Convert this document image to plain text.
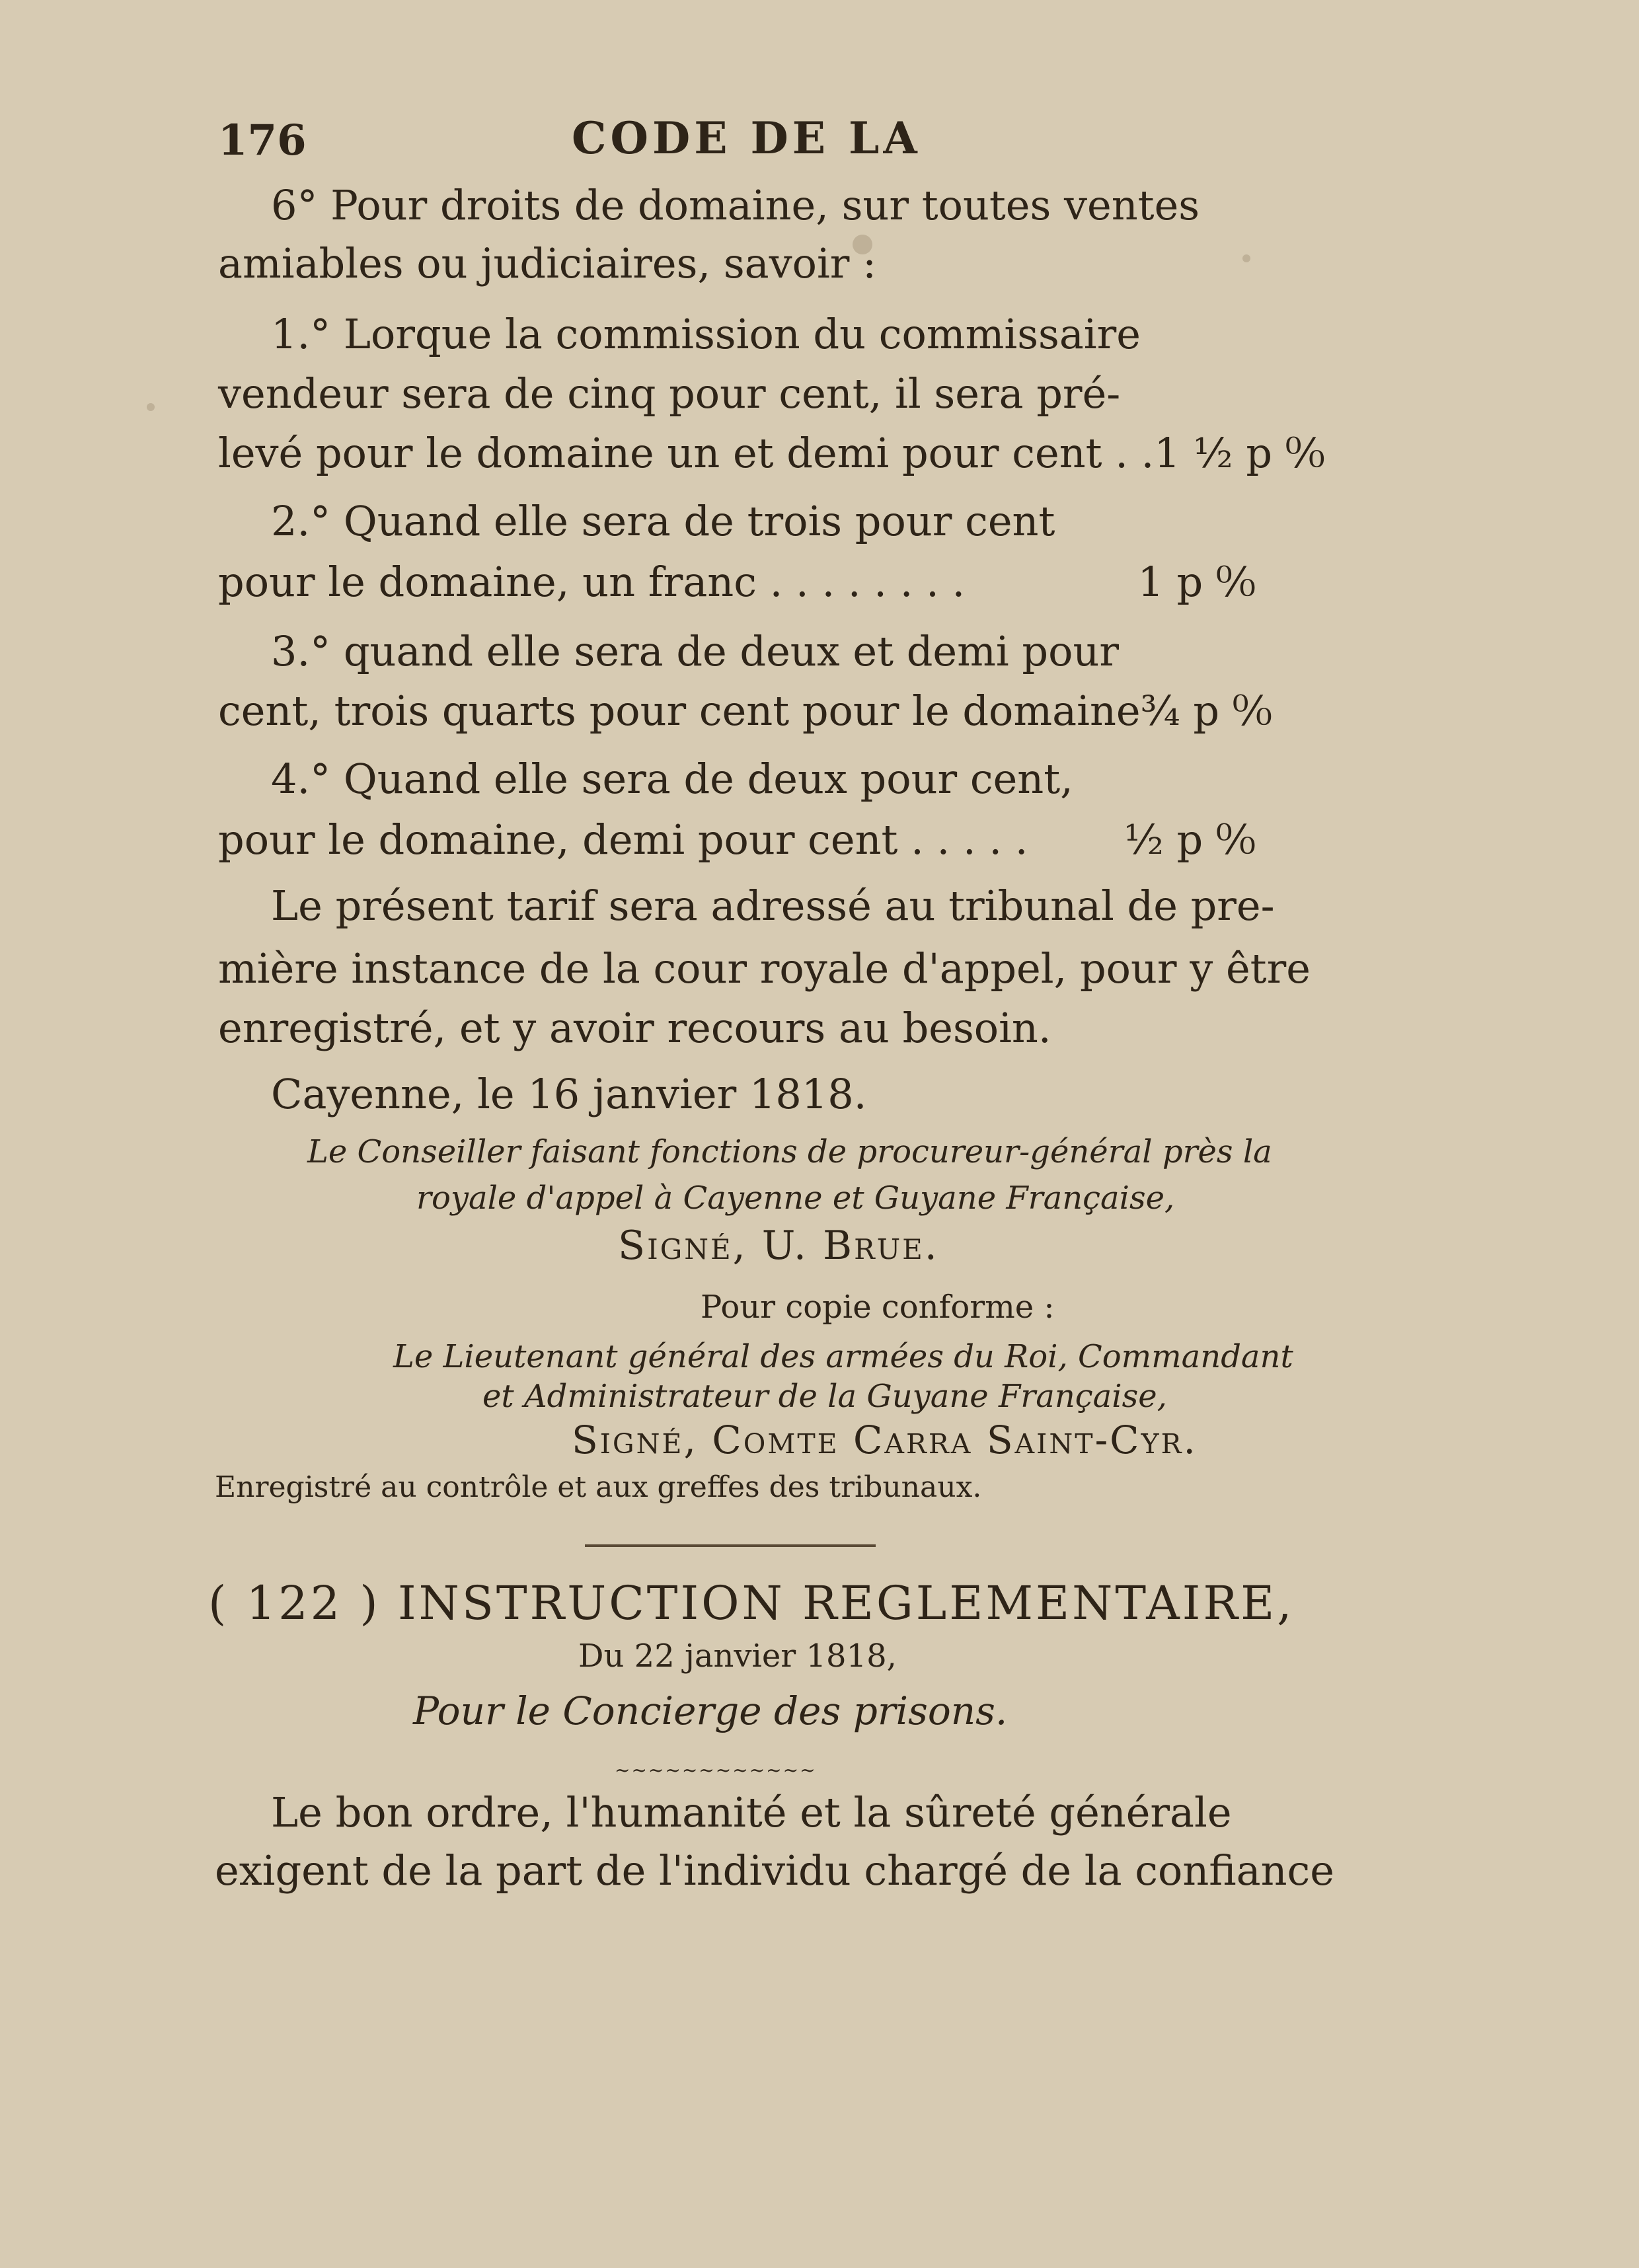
176	CODE DE LA
6° Pour droits de domaine, sur toutes ventes
amiables ou judiciaires, savoir :
1.° Lorque la commission du commissaire
vendeur sera de cinq pour cent, il sera pré-
levé pour le domaine un et demi pour cent . . 1 ½ p ⁰⁄₀
2.° Quand elle sera de trois pour cent
pour le domaine, un franc . . . . . . . .	1 p ⁰⁄₀
3.° quand elle sera de deux et demi pour
cent, trois quarts pour cent pour le domaine ¾ p ⁰⁄₀
4.° Quand elle sera de deux pour cent,
pour le domaine, demi pour cent . . . . . ½ p ⁰⁄₀
Le présent tarif sera adressé au tribunal de pre-
mière instance de la cour royale d'appel, pour y être
enregistré, et y avoir recours au besoin.
Cayenne, le 16 janvier 1818.
Le Conseiller faisant fonctions de procureur-général près la
royale d'appel à Cayenne et Guyane Française,
Signé, U. Brue.
Pour copie conforme :
Le Lieutenant général des armées du Roi, Commandant
et Administrateur de la Guyane Française,
Signé, Comte Carra Saint-Cyr.
Enregistré au contrôle et aux greffes des tribunaux.
( 122 ) INSTRUCTION REGLEMENTAIRE,
Du 22 janvier 1818,
Pour le Concierge des prisons.
~~~~~~~~~~~~
Le bon ordre, l'humanité et la sûreté générale
exigent de la part de l'individu chargé de la confiance
